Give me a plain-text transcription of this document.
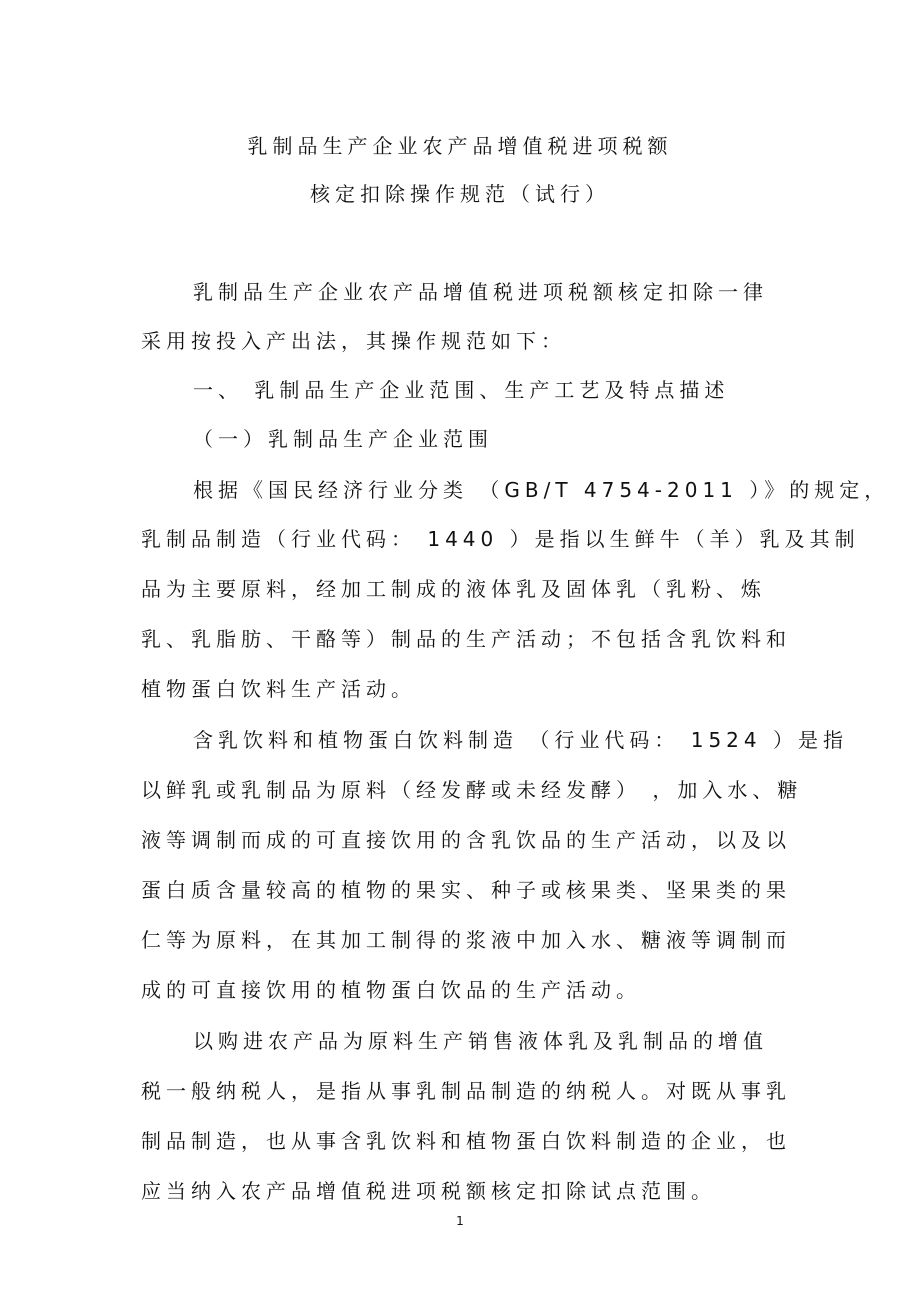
乳制品生产企业农产品增值税进项税额
核定扣除操作规范（试行）
乳制品生产企业农产品增值税进项税额核定扣除一律
采用按投入产出法，其操作规范如下：
一、 乳制品生产企业范围、生产工艺及特点描述
（一）乳制品生产企业范围
根据《国民经济行业分类 （GB/T 4754-2011 ）》的规定，
乳制品制造（行业代码： 1440 ）是指以生鲜牛（羊）乳及其制
品为主要原料，经加工制成的液体乳及固体乳（乳粉、炼
乳、乳脂肪、干酪等）制品的生产活动；不包括含乳饮料和
植物蛋白饮料生产活动。
含乳饮料和植物蛋白饮料制造 （行业代码： 1524 ）是指
以鲜乳或乳制品为原料（经发酵或未经发酵） ，加入水、糖
液等调制而成的可直接饮用的含乳饮品的生产活动，以及以
蛋白质含量较高的植物的果实、种子或核果类、坚果类的果
仁等为原料，在其加工制得的浆液中加入水、糖液等调制而
成的可直接饮用的植物蛋白饮品的生产活动。
以购进农产品为原料生产销售液体乳及乳制品的增值
税一般纳税人，是指从事乳制品制造的纳税人。对既从事乳
制品制造，也从事含乳饮料和植物蛋白饮料制造的企业，也
应当纳入农产品增值税进项税额核定扣除试点范围。
1
